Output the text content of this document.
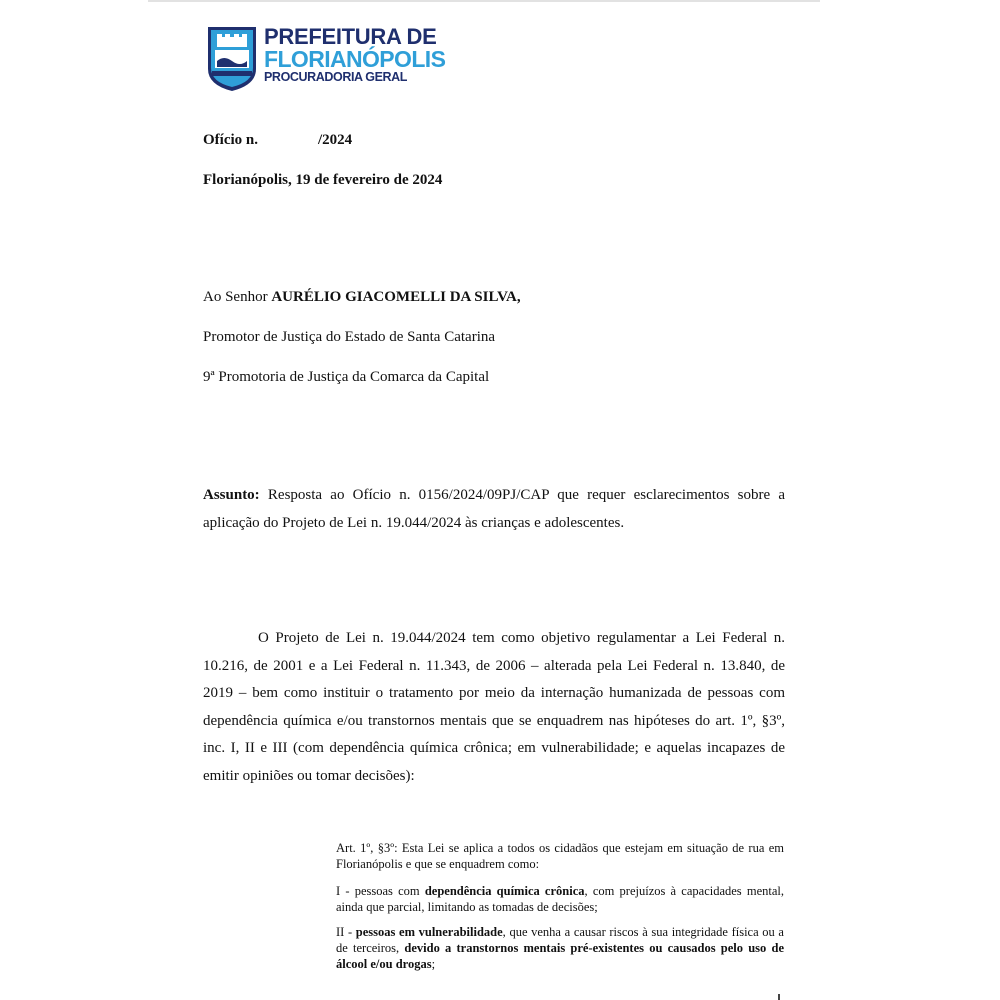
PREFEITURA DE
FLORIANÓPOLIS
PROCURADORIA GERAL
Ofício n.	/2024
Florianópolis, 19 de fevereiro de 2024
Ao Senhor AURÉLIO GIACOMELLI DA SILVA,
Promotor de Justiça do Estado de Santa Catarina
9ª Promotoria de Justiça da Comarca da Capital

Assunto: Resposta ao Ofício n. 0156/2024/09PJ/CAP que requer esclarecimentos sobre a aplicação do Projeto de Lei n. 19.044/2024 às crianças e adolescentes.

O Projeto de Lei n. 19.044/2024 tem como objetivo regulamentar a Lei Federal n. 10.216, de 2001 e a Lei Federal n. 11.343, de 2006 – alterada pela Lei Federal n. 13.840, de 2019 – bem como instituir o tratamento por meio da internação humanizada de pessoas com dependência química e/ou transtornos mentais que se enquadrem nas hipóteses do art. 1º, §3º, inc. I, II e III (com dependência química crônica; em vulnerabilidade; e aquelas incapazes de emitir opiniões ou tomar decisões):

Art. 1º, §3º: Esta Lei se aplica a todos os cidadãos que estejam em situação de rua em Florianópolis e que se enquadrem como:

I - pessoas com dependência química crônica, com prejuízos à capacidades mental, ainda que parcial, limitando as tomadas de decisões;

II - pessoas em vulnerabilidade, que venha a causar riscos à sua integridade física ou a de terceiros, devido a transtornos mentais pré-existentes ou causados pelo uso de álcool e/ou drogas;
